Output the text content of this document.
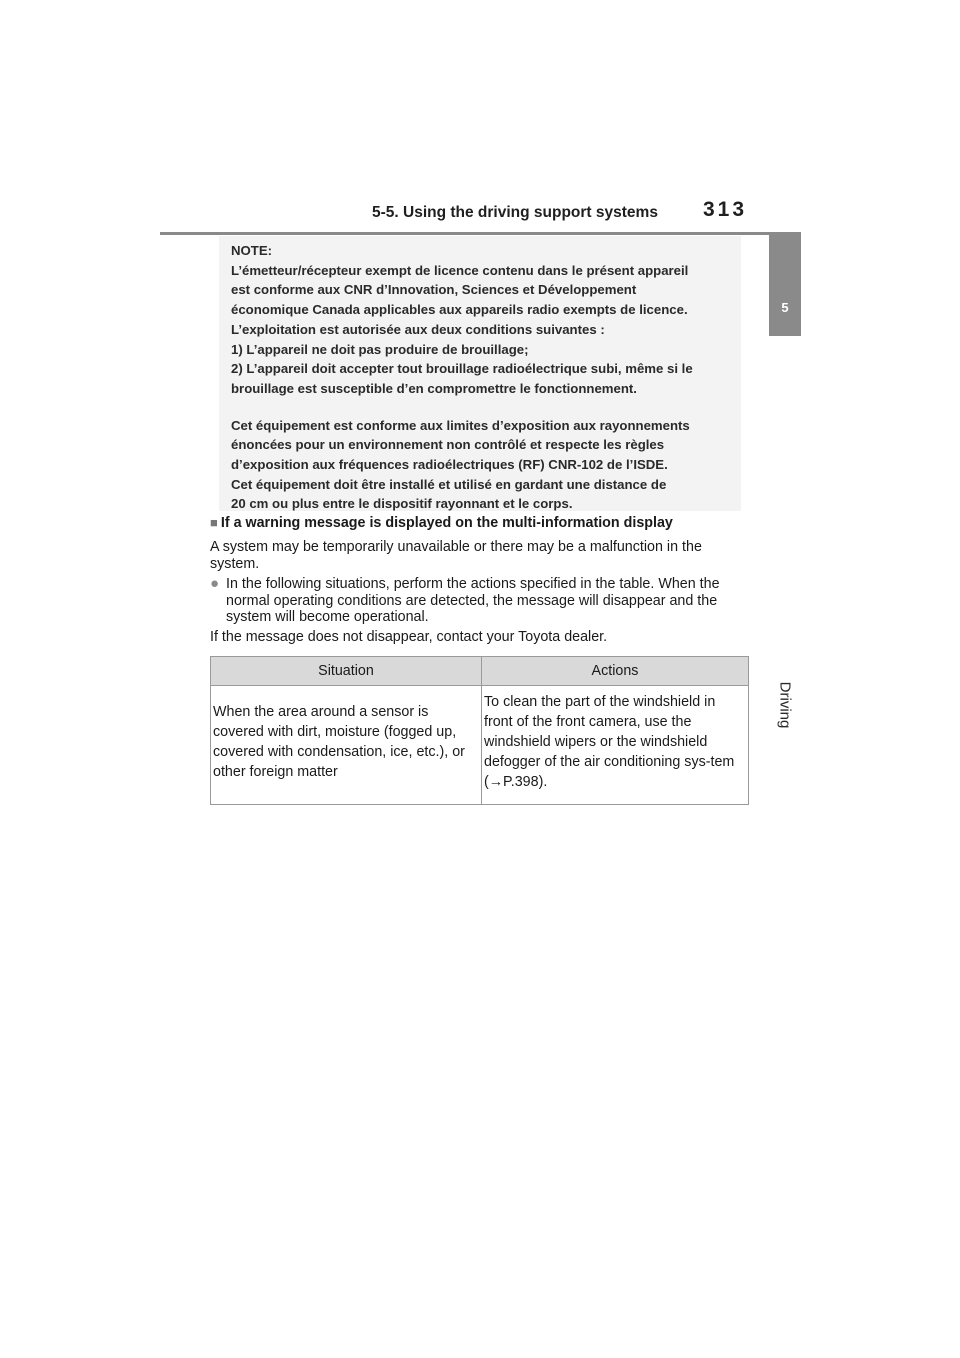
5-5. Using the driving support systems	313
5
Driving
NOTE:
L’émetteur/récepteur exempt de licence contenu dans le présent appareil
est conforme aux CNR d’Innovation, Sciences et Développement
économique Canada applicables aux appareils radio exempts de licence.
L’exploitation est autorisée aux deux conditions suivantes :
1) L’appareil ne doit pas produire de brouillage;
2) L’appareil doit accepter tout brouillage radioélectrique subi, même si le
brouillage est susceptible d’en compromettre le fonctionnement.
Cet équipement est conforme aux limites d’exposition aux rayonnements
énoncées pour un environnement non contrôlé et respecte les règles
d’exposition aux fréquences radioélectriques (RF) CNR-102 de l’ISDE.
Cet équipement doit être installé et utilisé en gardant une distance de
20 cm ou plus entre le dispositif rayonnant et le corps.
■ If a warning message is displayed on the multi-information display
A system may be temporarily unavailable or there may be a malfunction in the system.
● In the following situations, perform the actions specified in the table. When the normal operating conditions are detected, the message will disappear and the system will become operational.
If the message does not disappear, contact your Toyota dealer.
Situation	Actions
When the area around a sensor is covered with dirt, moisture (fogged up, covered with condensation, ice, etc.), or other foreign matter	To clean the part of the windshield in front of the front camera, use the windshield wipers or the windshield defogger of the air conditioning sys-tem (→P.398).
